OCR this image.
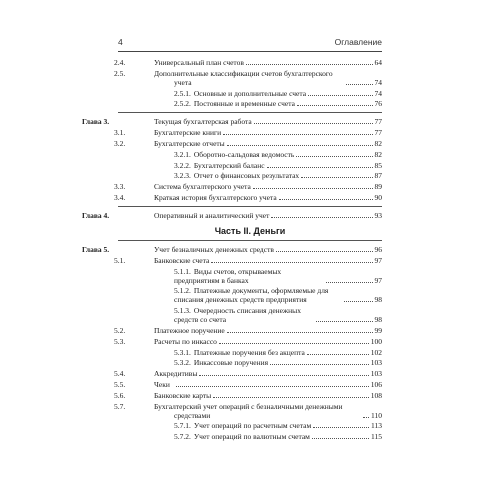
4	Оглавление
2.4.	Универсальный план счетов	64
2.5.	Дополнительные классификации счетов бухгалтерского учета	74
2.5.1. Основные и дополнительные счета	74
2.5.2. Постоянные и временные счета	76
Глава 3.	Текущая бухгалтерская работа	77
3.1.	Бухгалтерские книги	77
3.2.	Бухгалтерские отчеты	82
3.2.1. Оборотно-сальдовая ведомость	82
3.2.2. Бухгалтерский баланс	85
3.2.3. Отчет о финансовых результатах	87
3.3.	Система бухгалтерского учета	89
3.4.	Краткая история бухгалтерского учета	90
Глава 4.	Оперативный и аналитический учет	93
Часть II. Деньги
Глава 5.	Учет безналичных денежных средств	96
5.1.	Банковские счета	97
5.1.1. Виды счетов, открываемых предприятиям в банках	97
5.1.2. Платежные документы, оформляемые для списания денежных средств предприятия	98
5.1.3. Очередность списания денежных средств со счета	98
5.2.	Платежное поручение	99
5.3.	Расчеты по инкассо	100
5.3.1. Платежные поручения без акцепта	102
5.3.2. Инкассовые поручения	103
5.4.	Аккредитивы	103
5.5.	Чеки	106
5.6.	Банковские карты	108
5.7.	Бухгалтерский учет операций с безналичными денежными средствами	110
5.7.1. Учет операций по расчетным счетам	113
5.7.2. Учет операций по валютным счетам	115
